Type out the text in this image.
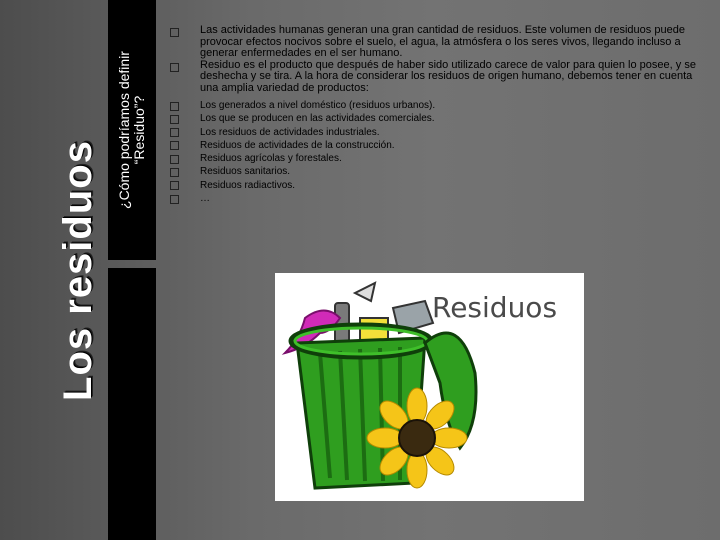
Los residuos
¿Cómo podríamos definir
“Residuo”?
Las actividades humanas generan una gran cantidad de residuos. Este volumen de residuos puede provocar efectos nocivos sobre el suelo, el agua, la atmósfera o los seres vivos, llegando incluso a generar enfermedades en el ser humano.
Residuo es el producto que después de haber sido utilizado carece de valor para quien lo posee, y se deshecha y se tira. A la hora de considerar los residuos de origen humano, debemos tener en cuenta una amplia variedad de productos:
Los generados a nivel doméstico (residuos urbanos).
Los que se producen en las actividades comerciales.
Los residuos de actividades industriales.
Residuos de actividades de la construcción.
Residuos agrícolas y forestales.
Residuos sanitarios.
Residuos radiactivos.
…
Residuos
